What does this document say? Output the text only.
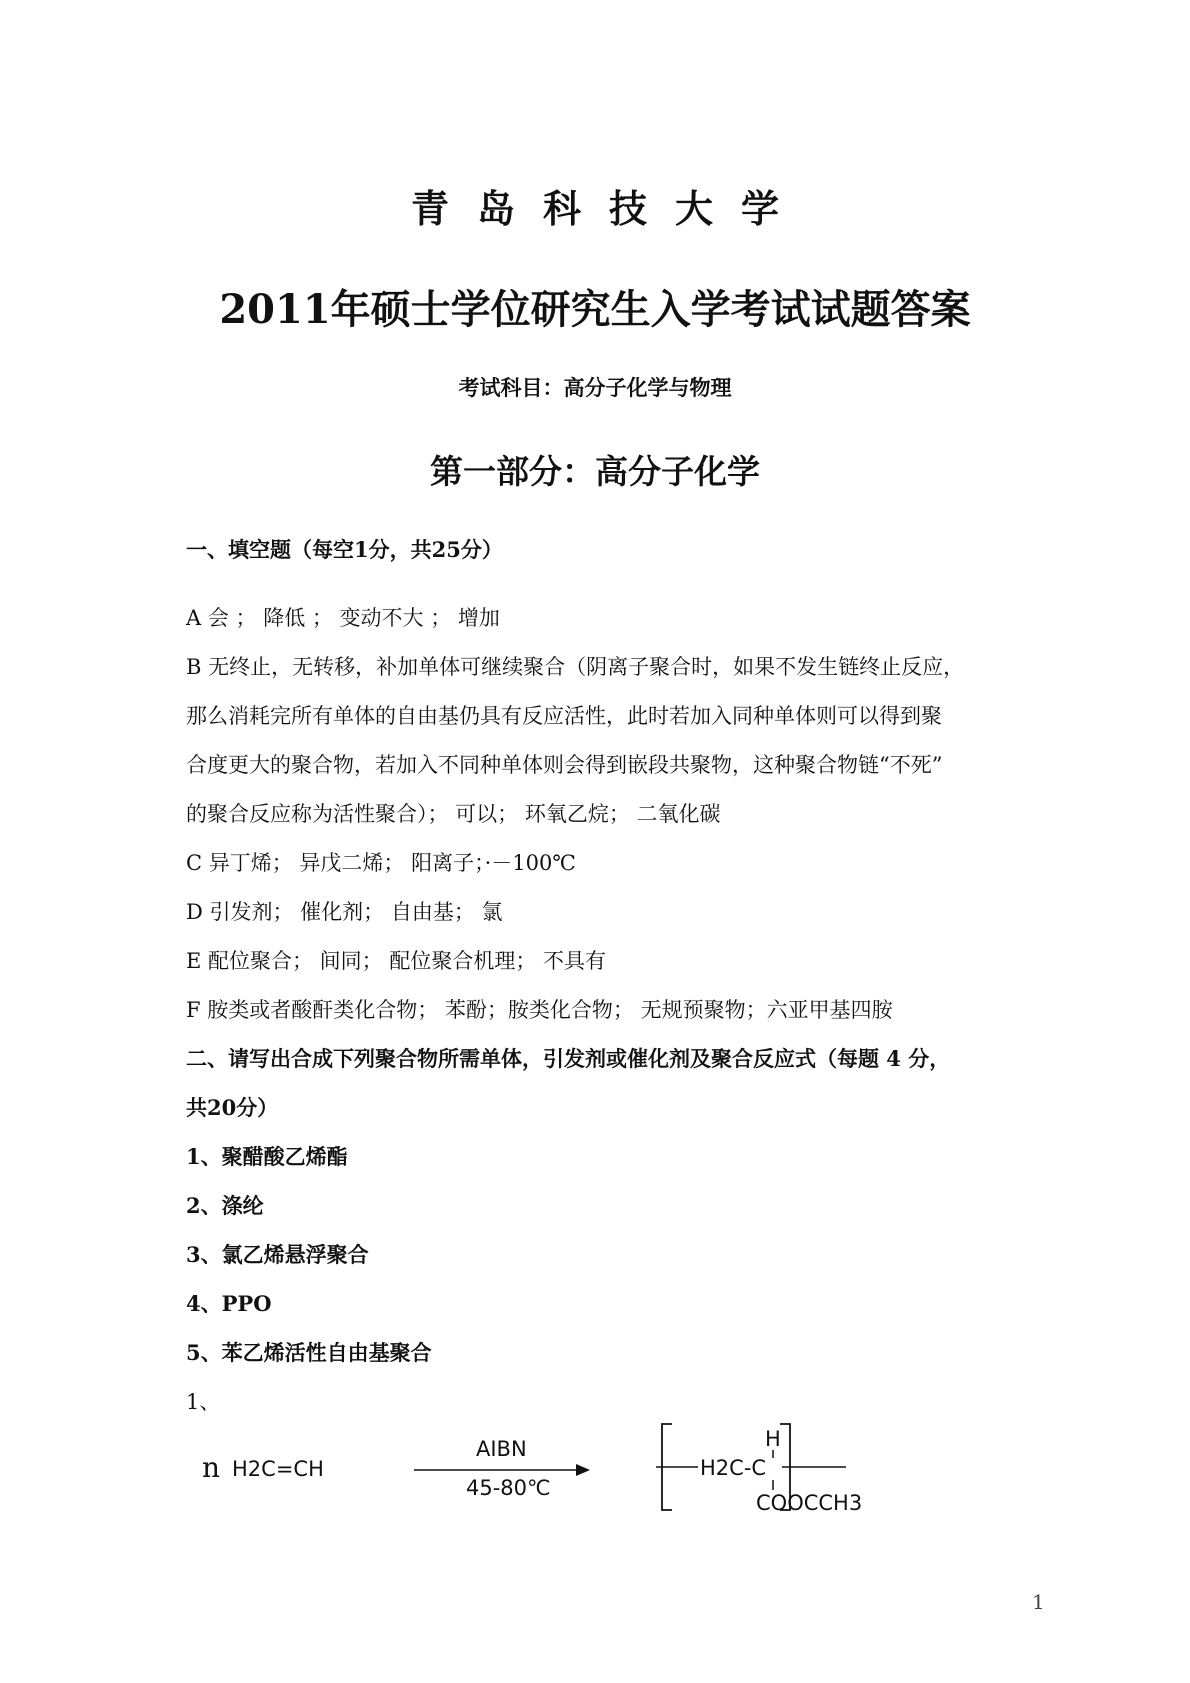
青岛科技大学
2011年硕士学位研究生入学考试试题答案
考试科目：高分子化学与物理
第一部分：高分子化学
一、填空题（每空1分，共25分）
A 会 ； 降低 ； 变动不大 ； 增加
B 无终止，无转移，补加单体可继续聚合（阴离子聚合时，如果不发生链终止反应，
那么消耗完所有单体的自由基仍具有反应活性，此时若加入同种单体则可以得到聚
合度更大的聚合物，若加入不同种单体则会得到嵌段共聚物，这种聚合物链“不死”
的聚合反应称为活性聚合）； 可以； 环氧乙烷； 二氧化碳
C 异丁烯； 异戊二烯； 阳离子；·－100℃
D 引发剂； 催化剂； 自由基； 氯
E 配位聚合； 间同； 配位聚合机理； 不具有
F 胺类或者酸酐类化合物； 苯酚；胺类化合物； 无规预聚物；六亚甲基四胺
二、请写出合成下列聚合物所需单体，引发剂或催化剂及聚合反应式（每题 4 分，
共20分）
1、聚醋酸乙烯酯
2、涤纶
3、氯乙烯悬浮聚合
4、PPO
5、苯乙烯活性自由基聚合
1、
n H2C=CH
AIBN
45-80℃
H
H2C-C
COOCCH3
1
